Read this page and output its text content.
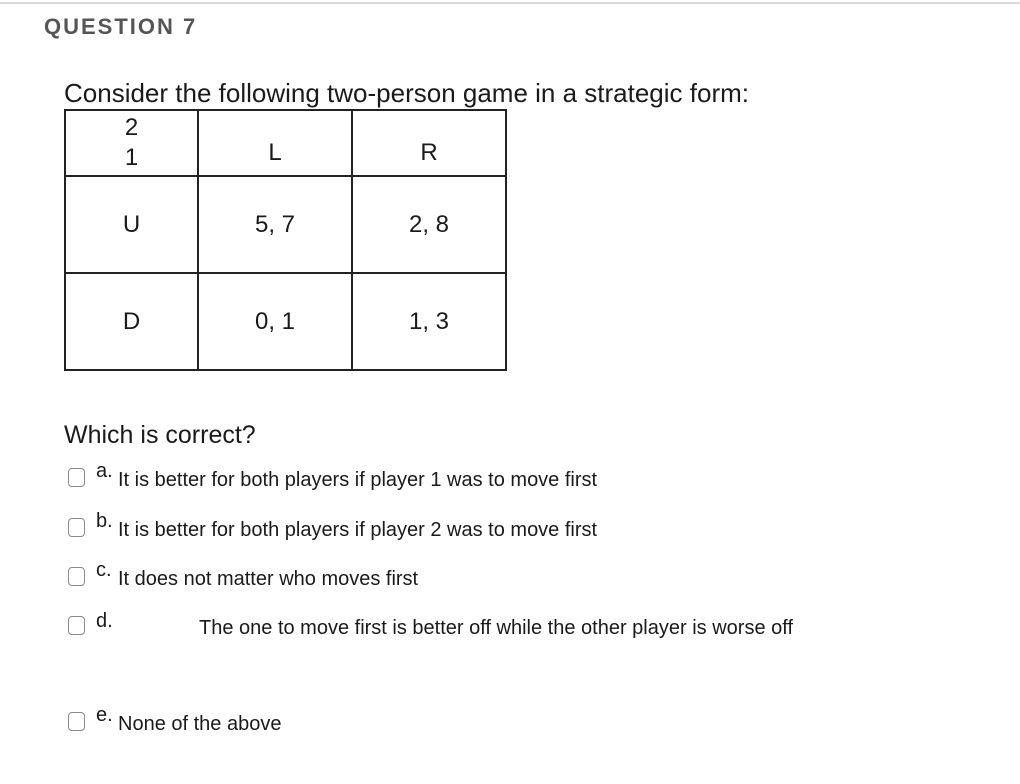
QUESTION 7
Consider the following two-person game in a strategic form:
2
1	L	R

U	5, 7	2, 8
D	0, 1	1, 3
Which is correct?
a. It is better for both players if player 1 was to move first
b. It is better for both players if player 2 was to move first
c. It does not matter who moves first
d.	The one to move first is better off while the other player is worse off
e. None of the above
